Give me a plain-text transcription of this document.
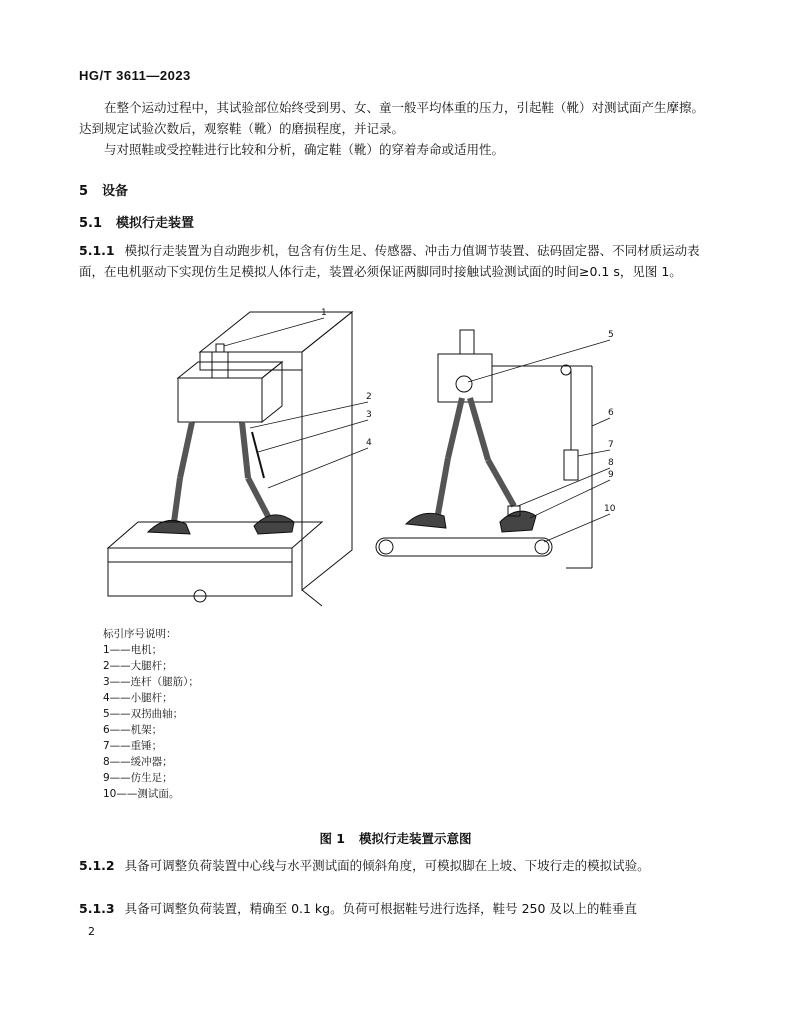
HG/T 3611—2023

在整个运动过程中，其试验部位始终受到男、女、童一般平均体重的压力，引起鞋（靴）对测试面产生摩擦。达到规定试验次数后，观察鞋（靴）的磨损程度，并记录。

与对照鞋或受控鞋进行比较和分析，确定鞋（靴）的穿着寿命或适用性。

5 设备
5.1 模拟行走装置

5.1.1 模拟行走装置为自动跑步机，包含有仿生足、传感器、冲击力值调节装置、砝码固定器、不同材质运动表面，在电机驱动下实现仿生足模拟人体行走，装置必须保证两脚同时接触试验测试面的时间≥0.1 s，见图 1。

1
2
3
4
5
6
7
8
9
10
标引序号说明：
1——电机；
2——大腿杆；
3——连杆（腿筋）；
4——小腿杆；
5——双拐曲轴；
6——机架；
7——重锤；
8——缓冲器；
9——仿生足；
10——测试面。
图 1 模拟行走装置示意图

5.1.2 具备可调整负荷装置中心线与水平测试面的倾斜角度，可模拟脚在上坡、下坡行走的模拟试验。

5.1.3 具备可调整负荷装置，精确至 0.1 kg。负荷可根据鞋号进行选择，鞋号 250 及以上的鞋垂直

2
